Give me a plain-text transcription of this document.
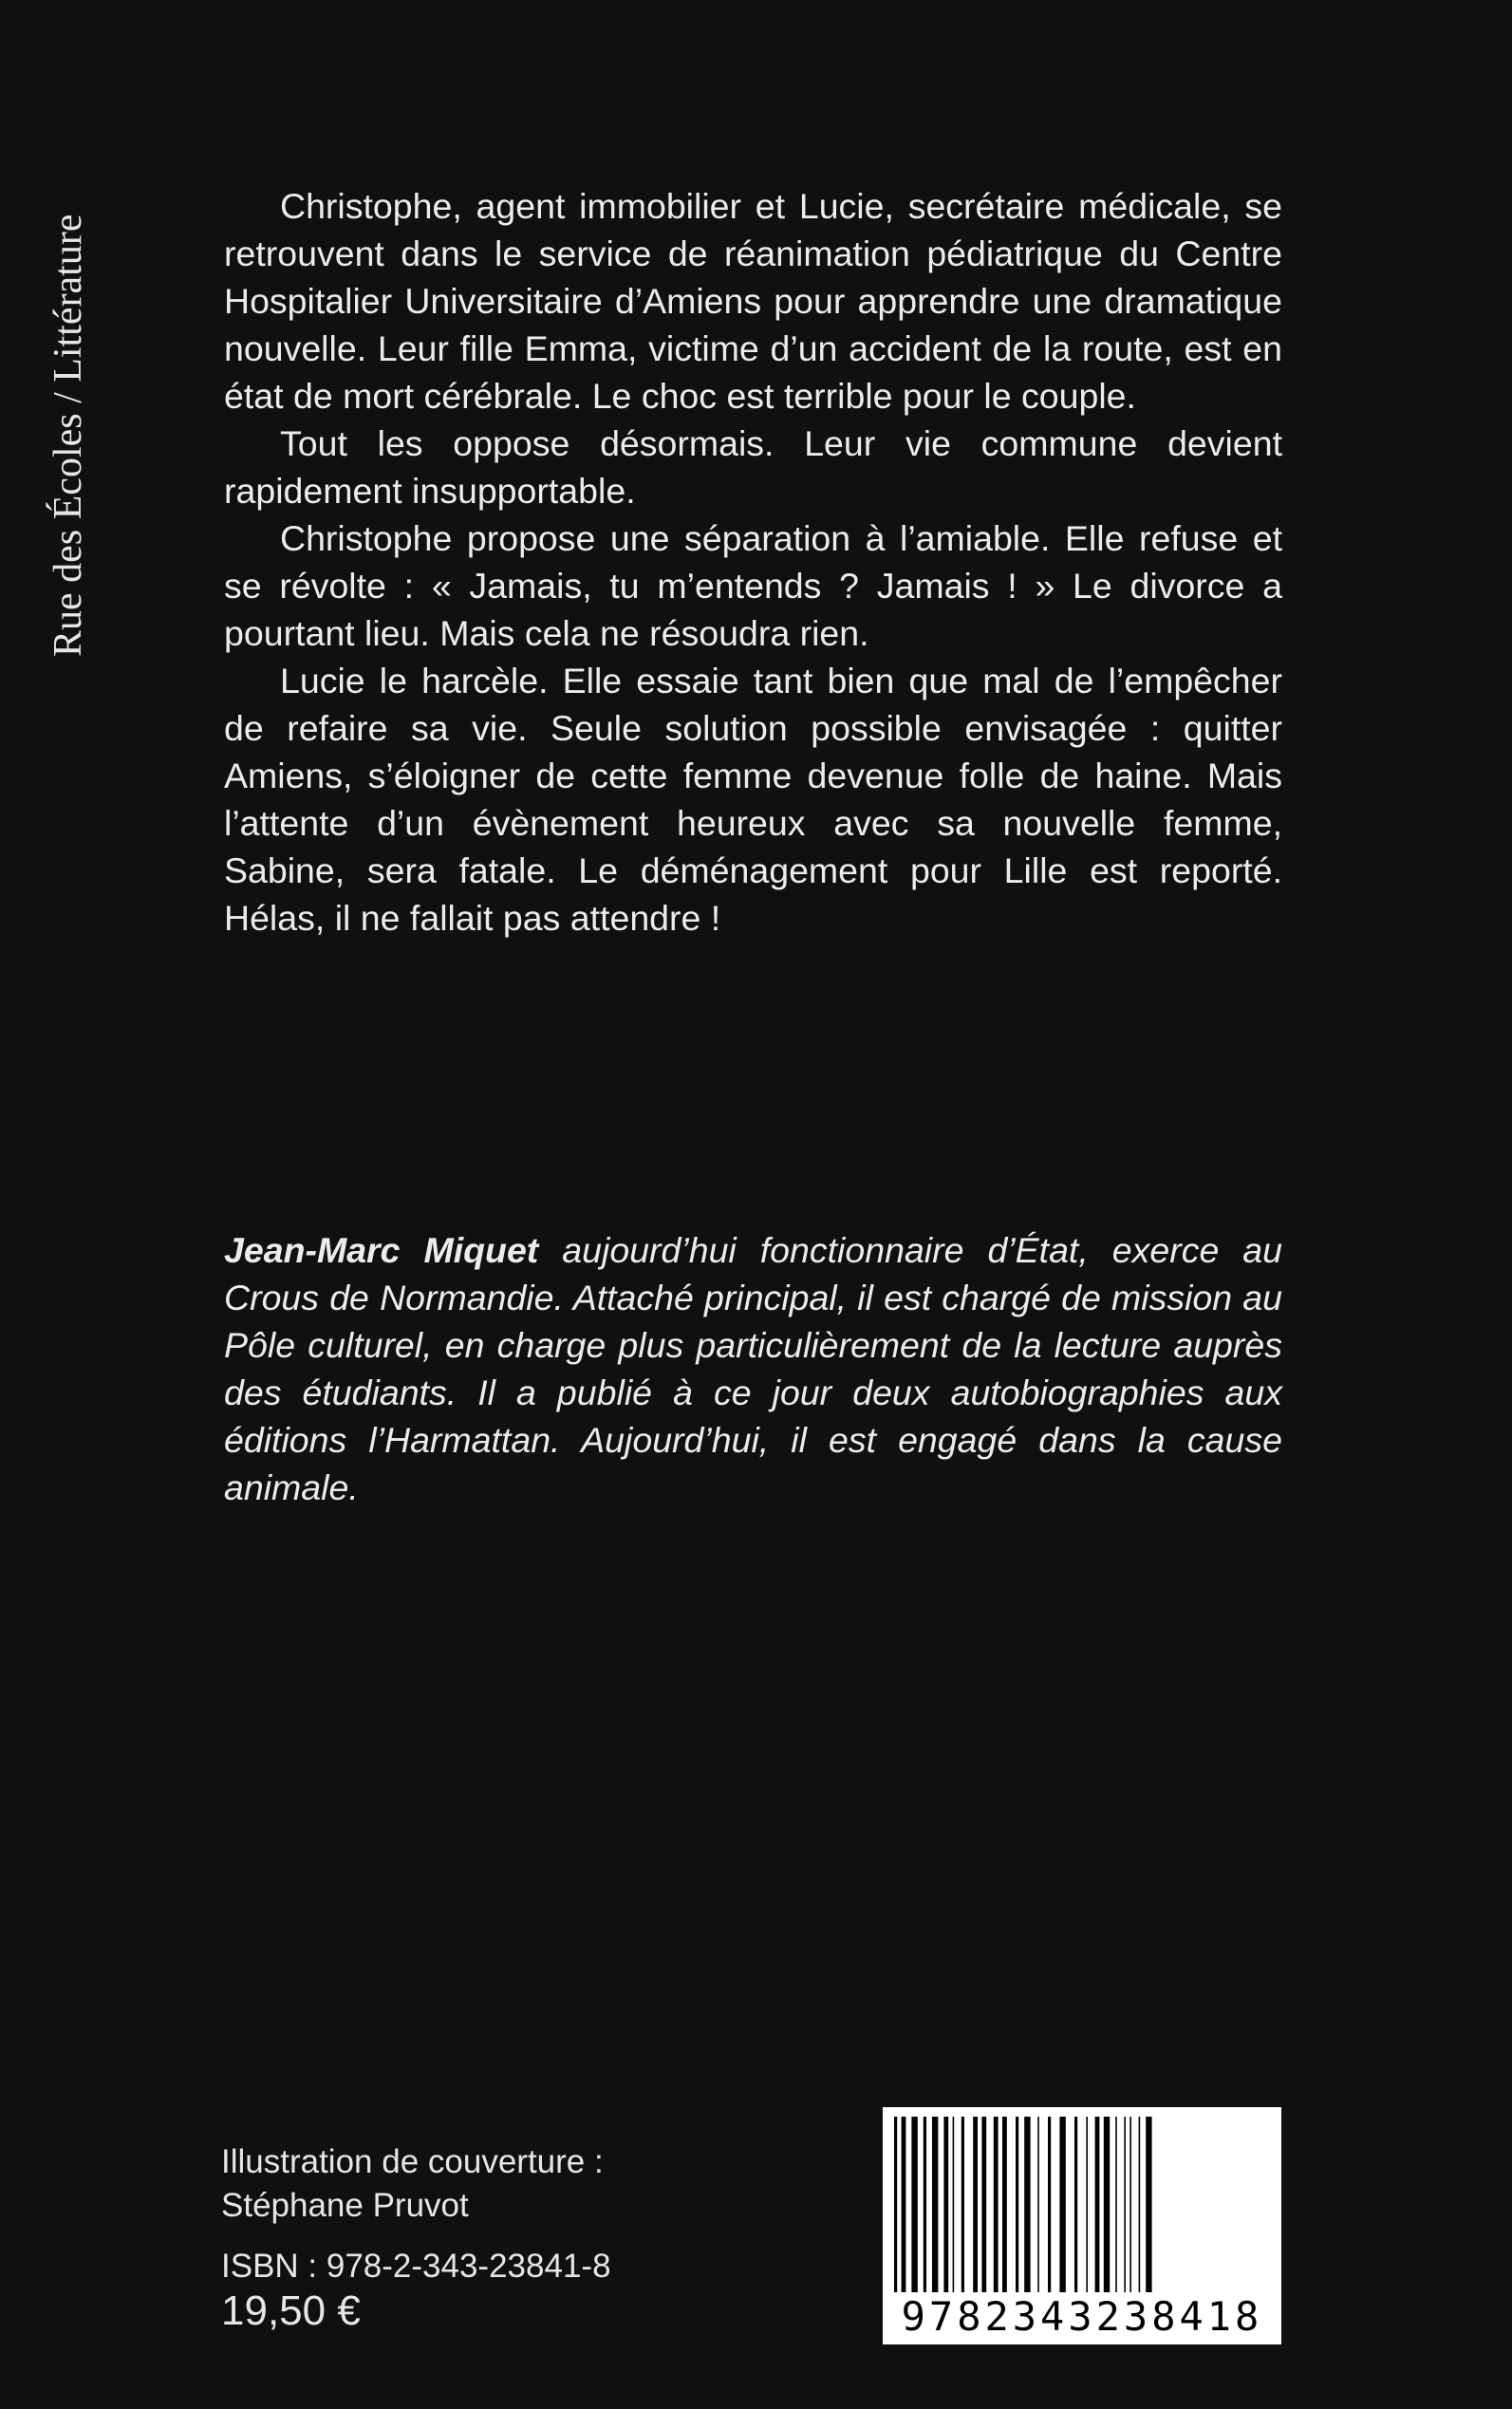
Rue des Écoles / Littérature

Christophe, agent immobilier et Lucie, secrétaire médicale, se retrouvent dans le service de réanimation pédiatrique du Centre Hospitalier Universitaire d’Amiens pour apprendre une dramatique nouvelle. Leur fille Emma, victime d’un accident de la route, est en état de mort cérébrale. Le choc est terrible pour le couple.

Tout les oppose désormais. Leur vie commune devient rapidement insupportable.

Christophe propose une séparation à l’amiable. Elle refuse et se révolte : « Jamais, tu m’entends ? Jamais ! » Le divorce a pourtant lieu. Mais cela ne résoudra rien.

Lucie le harcèle. Elle essaie tant bien que mal de l’empêcher de refaire sa vie. Seule solution possible envisagée : quitter Amiens, s’éloigner de cette femme devenue folle de haine. Mais l’attente d’un évènement heureux avec sa nouvelle femme, Sabine, sera fatale. Le déménagement pour Lille est reporté. Hélas, il ne fallait pas attendre !

Jean-Marc Miquet aujourd’hui fonctionnaire d’État, exerce au Crous de Normandie. Attaché principal, il est chargé de mission au Pôle culturel, en charge plus particulièrement de la lecture auprès des étudiants. Il a publié à ce jour deux autobiographies aux éditions l’Harmattan. Aujourd’hui, il est engagé dans la cause animale.

Illustration de couverture :
Stéphane Pruvot
ISBN : 978-2-343-23841-8
19,50 €	9782343238418
